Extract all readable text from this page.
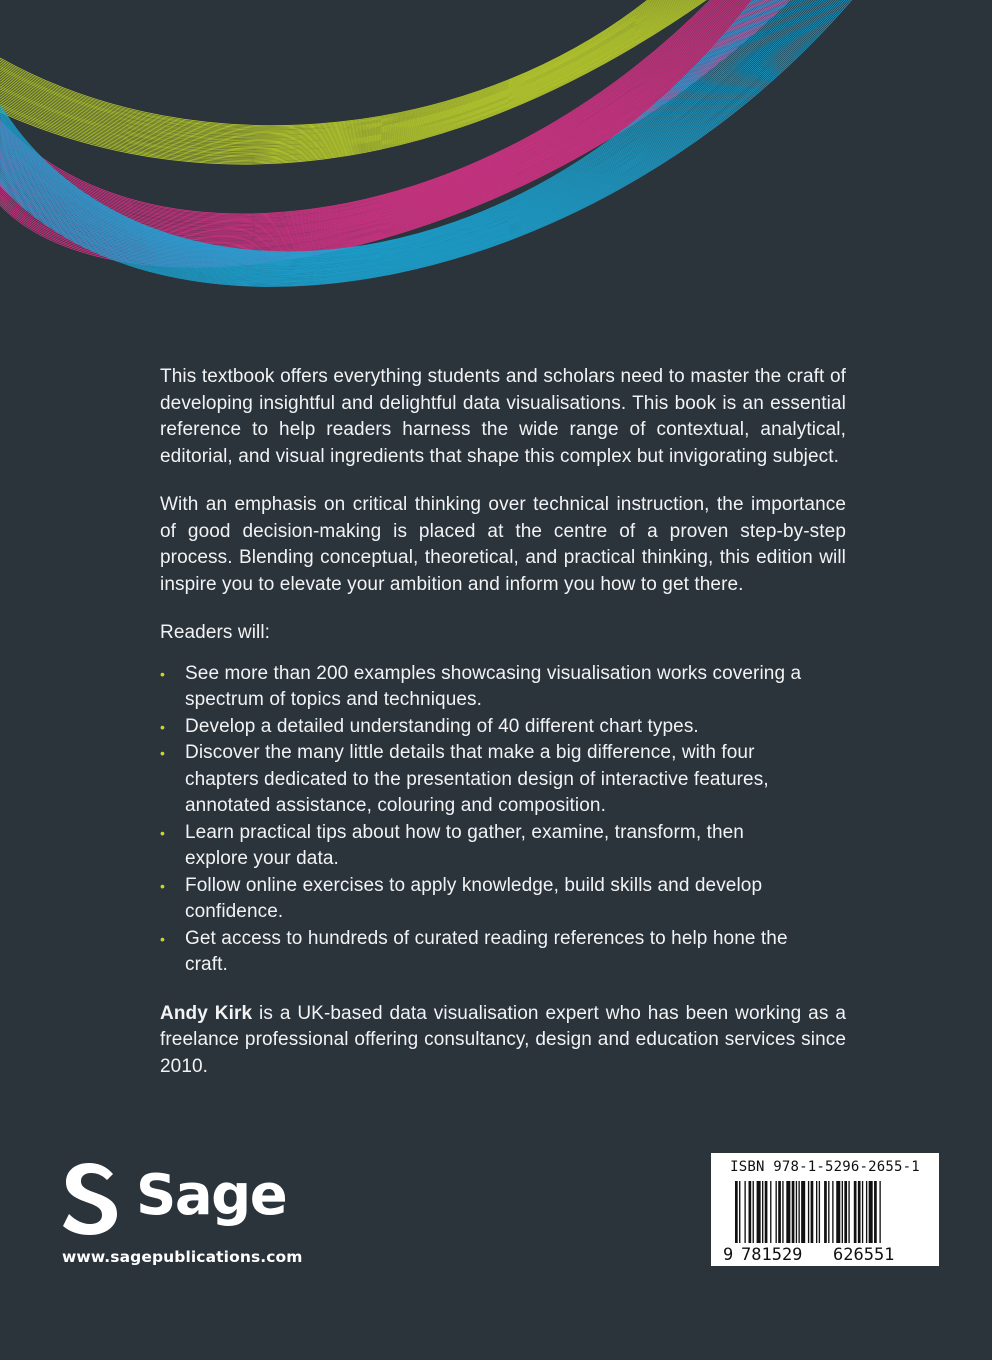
This textbook offers everything students and scholars need to master the craft of developing insightful and delightful data visualisations. This book is an essential reference to help readers harness the wide range of contextual, analytical, editorial, and visual ingredients that shape this complex but invigorating subject.

With an emphasis on critical thinking over technical instruction, the importance of good decision-making is placed at the centre of a proven step-by-step process. Blending conceptual, theoretical, and practical thinking, this edition will inspire you to elevate your ambition and inform you how to get there.

Readers will:

• See more than 200 examples showcasing visualisation works covering a spectrum of topics and techniques.
• Develop a detailed understanding of 40 different chart types.
• Discover the many little details that make a big difference, with four chapters dedicated to the presentation design of interactive features, annotated assistance, colouring and composition.
• Learn practical tips about how to gather, examine, transform, then explore your data.
• Follow online exercises to apply knowledge, build skills and develop confidence.
• Get access to hundreds of curated reading references to help hone the craft.

Andy Kirk is a UK-based data visualisation expert who has been working as a freelance professional offering consultancy, design and education services since 2010.

Sage
www.sagepublications.com
ISBN 978-1-5296-2655-1
9 781529 626551
